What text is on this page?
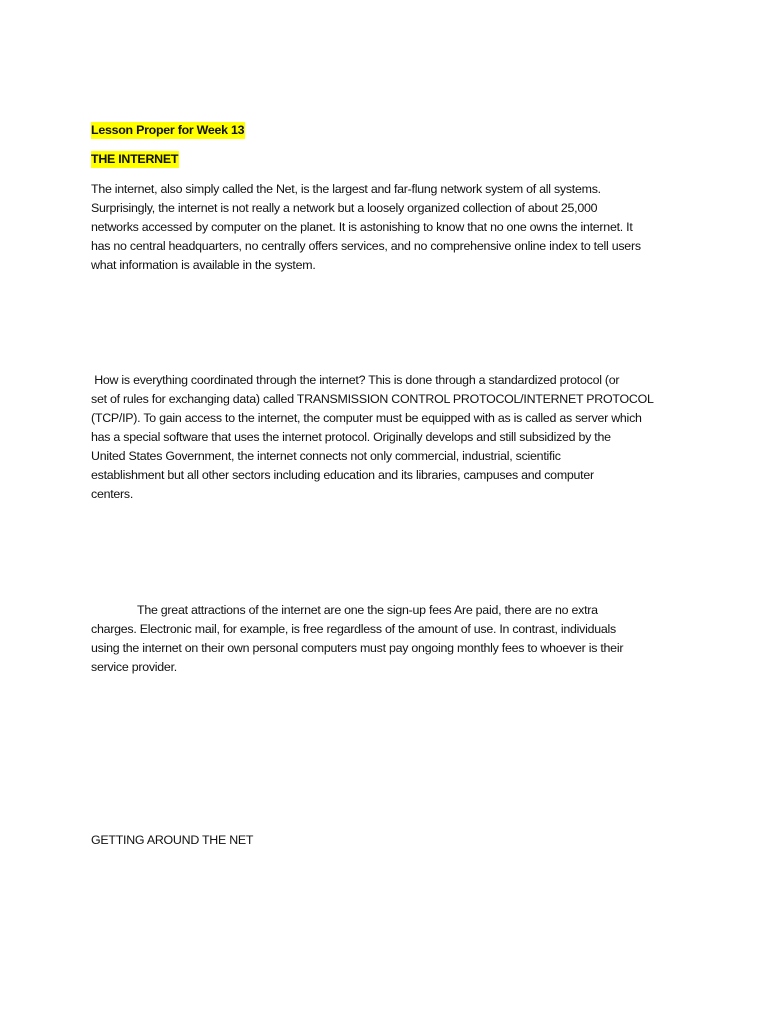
Lesson Proper for Week 13
THE INTERNET
The internet, also simply called the Net, is the largest and far-flung network system of all systems.
Surprisingly, the internet is not really a network but a loosely organized collection of about 25,000
networks accessed by computer on the planet. It is astonishing to know that no one owns the internet. It
has no central headquarters, no centrally offers services, and no comprehensive online index to tell users
what information is available in the system.
How is everything coordinated through the internet? This is done through a standardized protocol (or
set of rules for exchanging data) called TRANSMISSION CONTROL PROTOCOL/INTERNET PROTOCOL
(TCP/IP). To gain access to the internet, the computer must be equipped with as is called as server which
has a special software that uses the internet protocol. Originally develops and still subsidized by the
United States Government, the internet connects not only commercial, industrial, scientific
establishment but all other sectors including education and its libraries, campuses and computer
centers.
The great attractions of the internet are one the sign-up fees Are paid, there are no extra
charges. Electronic mail, for example, is free regardless of the amount of use. In contrast, individuals
using the internet on their own personal computers must pay ongoing monthly fees to whoever is their
service provider.
GETTING AROUND THE NET
